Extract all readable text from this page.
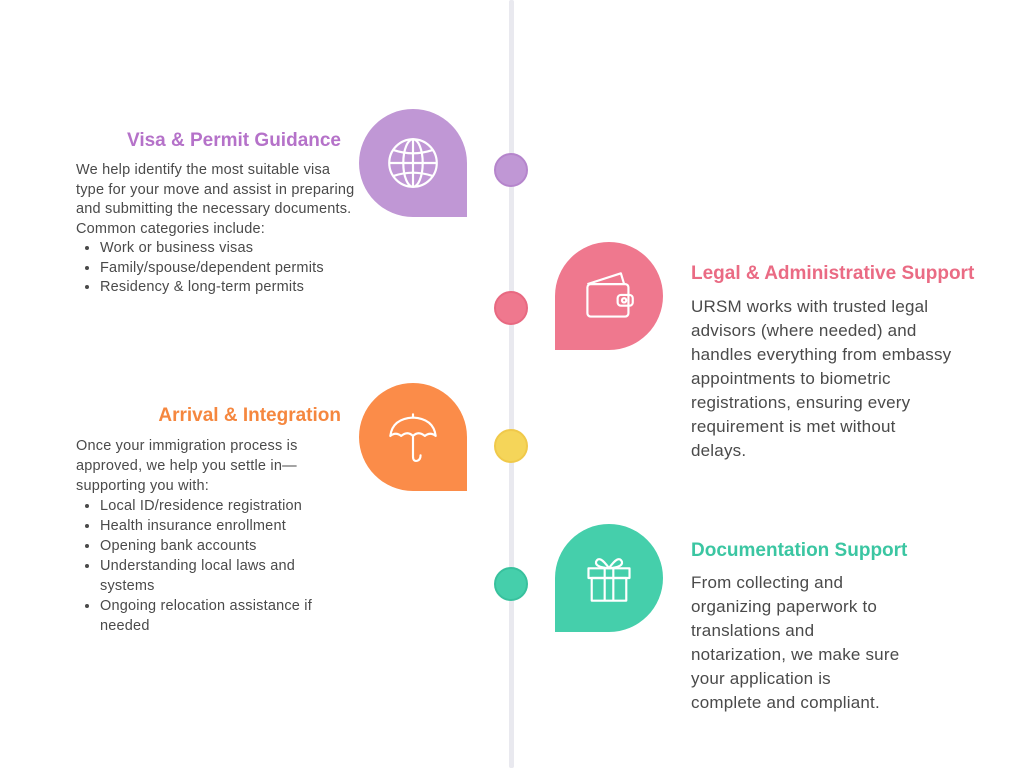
Visa & Permit Guidance

We help identify the most suitable visa type for your move and assist in preparing and submitting the necessary documents. Common categories include:

• Work or business visas
• Family/spouse/dependent permits
• Residency & long-term permits
Legal & Administrative Support

URSM works with trusted legal advisors (where needed) and handles everything from embassy appointments to biometric registrations, ensuring every requirement is met without delays.

Arrival & Integration

Once your immigration process is approved, we help you settle in—supporting you with:

• Local ID/residence registration
• Health insurance enrollment
• Opening bank accounts
• Understanding local laws and systems
• Ongoing relocation assistance if needed
Documentation Support

From collecting and organizing paperwork to translations and notarization, we make sure your application is complete and compliant.
